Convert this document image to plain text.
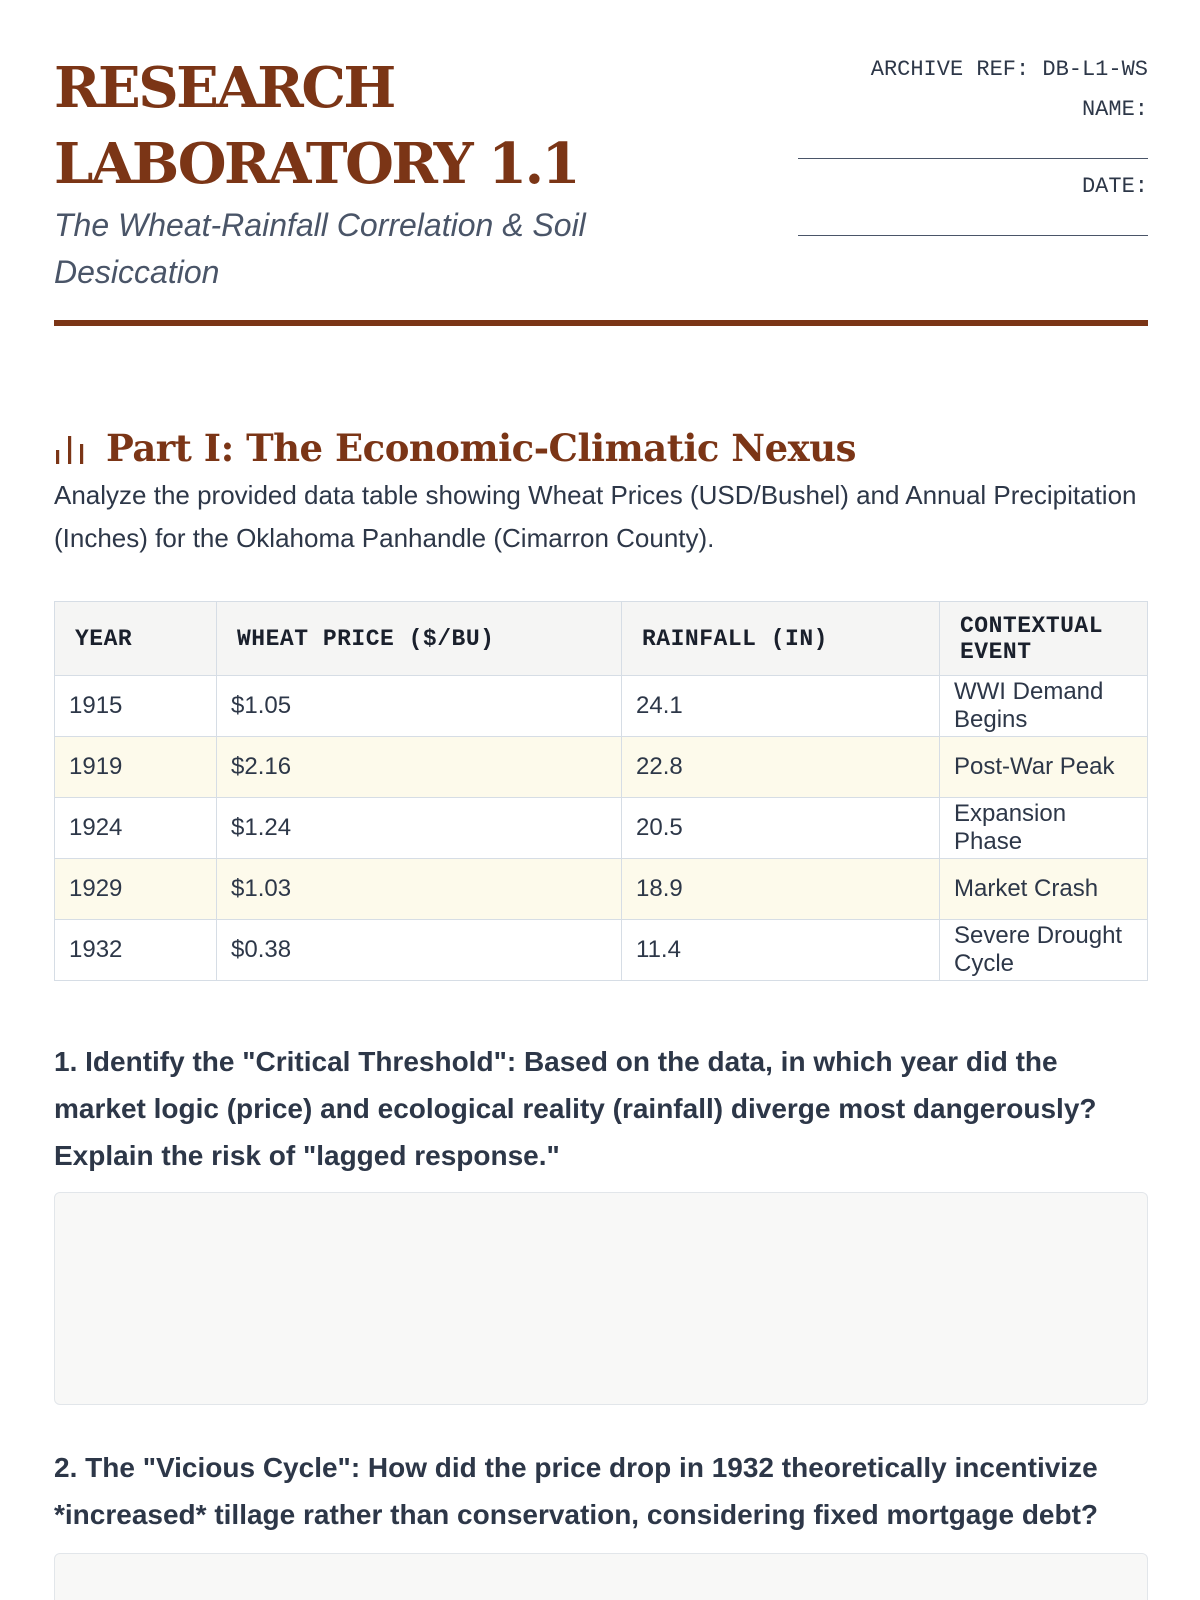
RESEARCH LABORATORY 1.1

The Wheat-Rainfall Correlation & Soil Desiccation

ARCHIVE REF: DB-L1-WS
NAME:
DATE:
Part I: The Economic-Climatic Nexus

Analyze the provided data table showing Wheat Prices (USD/Bushel) and Annual Precipitation (Inches) for the Oklahoma Panhandle (Cimarron County).

YEAR	WHEAT PRICE ($/BU)	RAINFALL (IN)	CONTEXTUAL EVENT
1915	$1.05	24.1	WWI Demand Begins
1919	$2.16	22.8	Post-War Peak
1924	$1.24	20.5	Expansion Phase
1929	$1.03	18.9	Market Crash
1932	$0.38	11.4	Severe Drought Cycle

1. Identify the "Critical Threshold": Based on the data, in which year did the market logic (price) and ecological reality (rainfall) diverge most dangerously? Explain the risk of "lagged response."

2. The "Vicious Cycle": How did the price drop in 1932 theoretically incentivize *increased* tillage rather than conservation, considering fixed mortgage debt?
